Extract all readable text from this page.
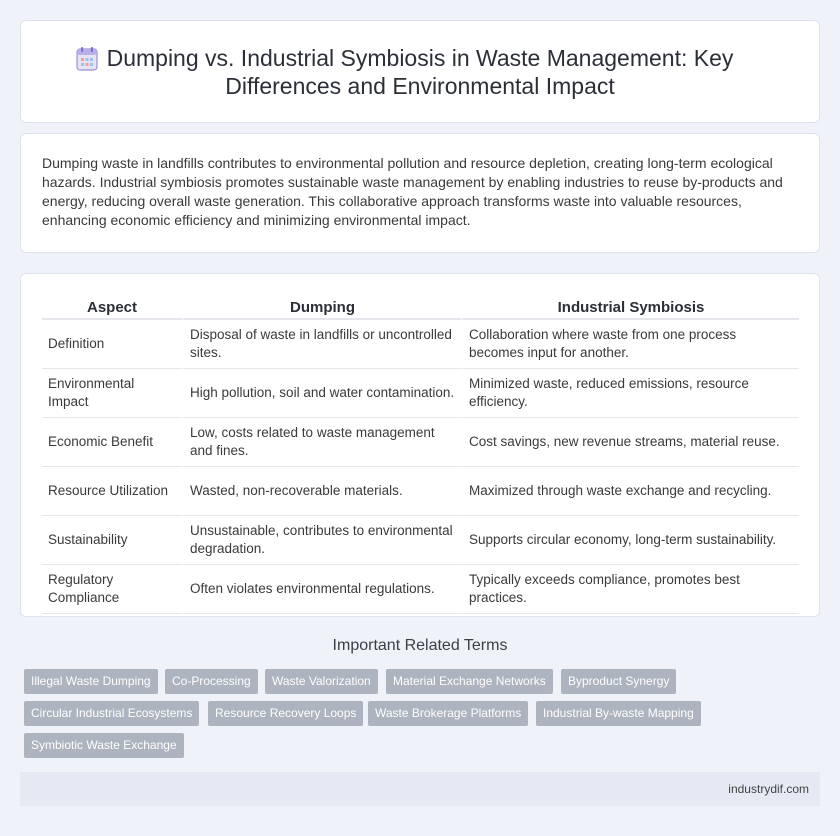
Dumping vs. Industrial Symbiosis in Waste Management: Key Differences and Environmental Impact

Dumping waste in landfills contributes to environmental pollution and resource depletion, creating long-term ecological hazards. Industrial symbiosis promotes sustainable waste management by enabling industries to reuse by-products and energy, reducing overall waste generation. This collaborative approach transforms waste into valuable resources, enhancing economic efficiency and minimizing environmental impact.

Aspect	Dumping	Industrial Symbiosis
Definition	Disposal of waste in landfills or uncontrolled sites.	Collaboration where waste from one process becomes input for another.
Environmental Impact	High pollution, soil and water contamination.	Minimized waste, reduced emissions, resource efficiency.
Economic Benefit	Low, costs related to waste management and fines.	Cost savings, new revenue streams, material reuse.
Resource Utilization	Wasted, non-recoverable materials.	Maximized through waste exchange and recycling.
Sustainability	Unsustainable, contributes to environmental degradation.	Supports circular economy, long-term sustainability.
Regulatory Compliance	Often violates environmental regulations.	Typically exceeds compliance, promotes best practices.
Important Related Terms
Illegal Waste Dumping	Co-Processing	Waste Valorization	Material Exchange Networks	Byproduct Synergy
Circular Industrial Ecosystems	Resource Recovery Loops	Waste Brokerage Platforms	Industrial By-waste Mapping
Symbiotic Waste Exchange
industrydif.com
